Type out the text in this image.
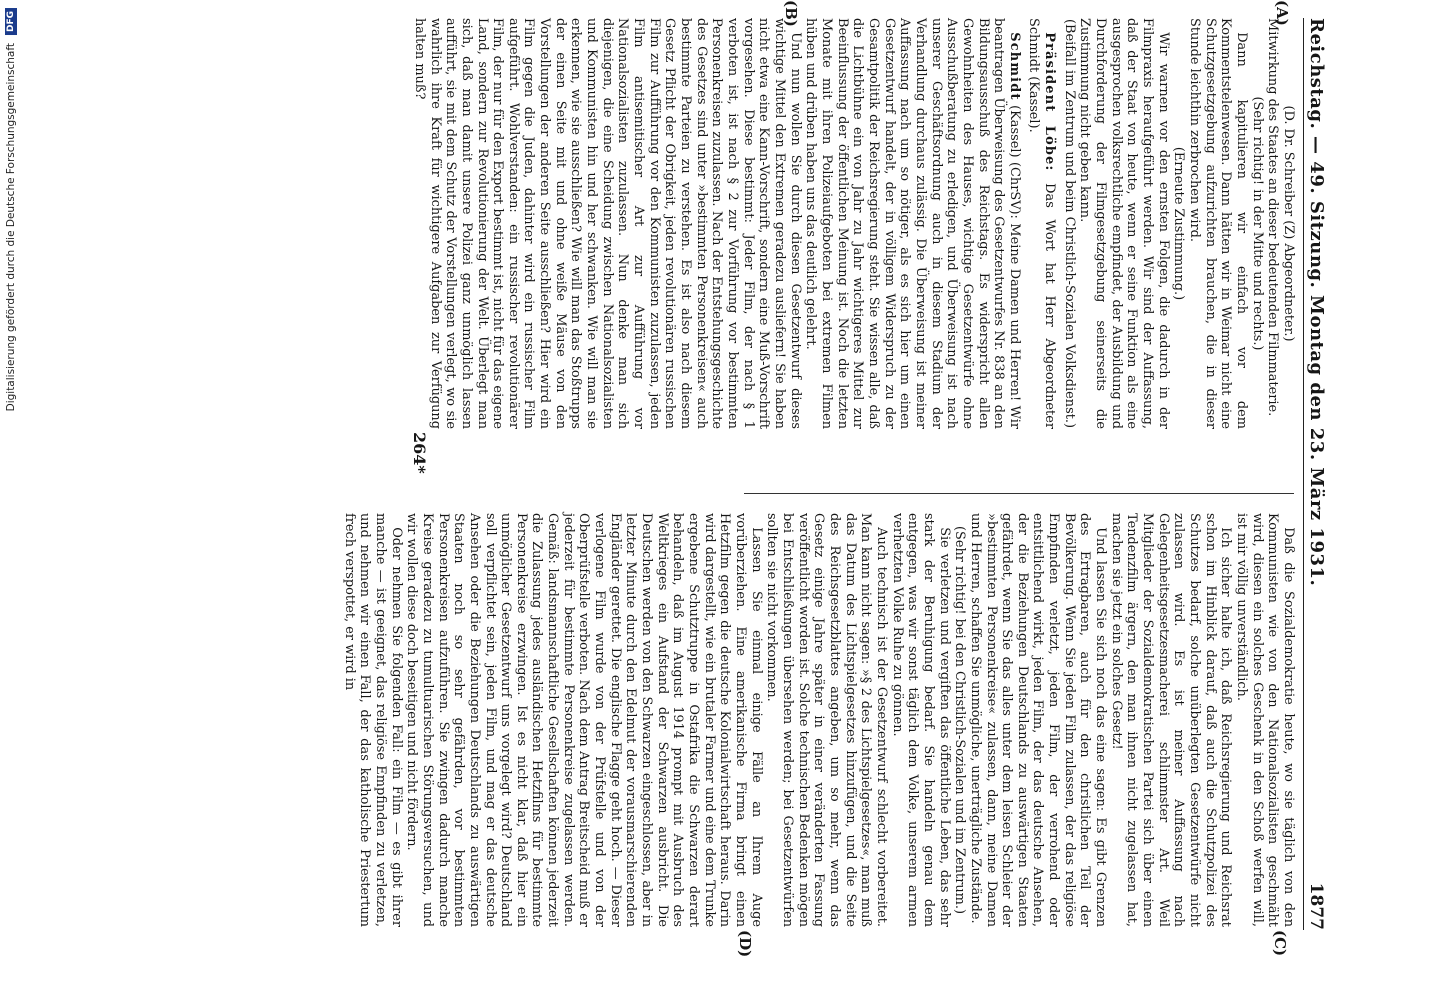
Reichstag. — 49. Sitzung. Montag den 23. März 1931.
1877
(A)
(B)
(C)
(D)

(D. Dr. Schreiber (Z) Abgeordneter.)

Mitwirkung des Staates an dieser bedeutenden Filmmaterie.

(Sehr richtig! in der Mitte und rechts.)

Dann kapitulieren wir einfach vor dem Kommentstelenwesen. Dann hätten wir in Weimar nicht eine Schutzgesetzgebung aufzurichten brauchen, die in dieser Stunde leichthin zerbrochen wird.

(Erneute Zustimmung.)

Wir warnen vor den ernsten Folgen, die dadurch in der Filmpraxis heraufgeführt werden. Wir sind der Auffassung, daß der Staat von heute, wenn er seine Funktion als eine ausgesprochen volksrechtliche empfindet, der Ausbildung und Durchforderung der Filmgesetzgebung seinerseits die Zustimmung nicht geben kann.

(Beifall im Zentrum und beim Christlich-Sozialen Volksdienst.)

Präsident Löbe: Das Wort hat Herr Abgeordneter Schmidt (Kassel).

Schmidt (Kassel) (ChrSV): Meine Damen und Herren! Wir beantragen Überweisung des Gesetzentwurfes Nr. 838 an den Bildungsausschuß des Reichstags. Es widerspricht allen Gewohnheiten des Hauses, wichtige Gesetzentwürfe ohne Ausschußberatung zu erledigen, und Überweisung ist nach unserer Geschäftsordnung auch in diesem Stadium der Verhandlung durchaus zulässig. Die Überweisung ist meiner Auffassung nach um so nötiger, als es sich hier um einen Gesetzentwurf handelt, der in völligem Widerspruch zu der Gesamtpolitik der Reichsregierung steht. Sie wissen alle, daß die Lichtbühne ein von Jahr zu Jahr wichtigeres Mittel zur Beeinflussung der öffentlichen Meinung ist. Noch die letzten Monate mit ihren Polizeiaufgeboten bei extremen Filmen hüben und drüben haben uns das deutlich gelehrt.

Und nun wollen Sie durch diesen Gesetzentwurf dieses wichtige Mittel den Extremen geradezu ausliefern! Sie haben nicht etwa eine Kann-Vorschrift, sondern eine Muß-Vorschrift vorgesehen. Diese bestimmt: Jeder Film, der nach § 1 verboten ist, ist nach § 2 zur Vorführung vor bestimmten Personenkreisen zuzulassen. Nach der Entstehungsgeschichte des Gesetzes sind unter »bestimmten Personenkreisen« auch bestimmte Parteien zu verstehen. Es ist also nach diesem Gesetz Pflicht der Obrigkeit, jeden revolutionären russischen Film zur Aufführung vor den Kommunisten zuzulassen, jeden Film antisemitischer Art zur Aufführung vor Nationalsozialisten zuzulassen. Nun denke man sich diejenigen, die eine Scheidung zwischen Nationalsozialisten und Kommunisten hin und her schwanken. Wie will man sie erkennen, wie sie ausschließen? Wie will man das Stoßtrupps der einen Seite mit und ohne weiße Mäuse von den Vorstellungen der anderen Seite ausschließen? Hier wird ein Film gegen die Juden, dahinter wird ein russischer Film aufgeführt. Wohlverstanden: ein russischer revolutionärer Film, der nur für den Export bestimmt ist, nicht für das eigene Land, sondern zur Revolutionierung der Welt. Überlegt man sich, daß man damit unsere Polizei ganz unmöglich lassen aufführt, sie mit dem Schutz der Vorstellungen verlegt, wo sie wahrlich ihre Kraft für wichtigere Aufgaben zur Verfügung halten muß?

Daß die Sozialdemokratie heute, wo sie täglich von den Kommunisten wie von den Nationalsozialisten geschmäht wird, diesen ein solches Geschenk in den Schoß werfen will, ist mir völlig unverständlich.

Ich sicher halte ich, daß Reichsregierung und Reichsrat schon im Hinblick darauf, daß auch die Schutzpolizei des Schutzes bedarf, solche unüberlegten Gesetzentwürfe nicht zulassen wird. Es ist meiner Auffassung nach Gelegenheitsgesetzesmacherei schlimmster Art. Weil Mitglieder der Sozialdemokratischen Partei sich über einen Tendenzfilm ärgern, den man ihnen nicht zugelassen hat, machen sie jetzt ein solches Gesetz!

Und lassen Sie sich noch das eine sagen: Es gibt Grenzen des Ertragbaren, auch für den christlichen Teil der Bevölkerung. Wenn Sie jeden Film zulassen, der das religiöse Empfinden verletzt, jeden Film, der verrohend oder entsittlichend wirkt, jeden Film, der das deutsche Ansehen, der die Beziehungen Deutschlands zu auswärtigen Staaten gefährdet, wenn Sie das alles unter dem leisen Schleier der »bestimmten Personenkreise« zulassen, dann, meine Damen und Herren, schaffen Sie unmögliche, unerträgliche Zustände.

(Sehr richtig! bei den Christlich-Sozialen und im Zentrum.)

Sie verletzen und vergiften das öffentliche Leben, das sehr stark der Beruhigung bedarf. Sie handeln genau dem entgegen, was wir sonst täglich dem Volke, unserem armen verhetzten Volke Ruhe zu gönnen.

Auch technisch ist der Gesetzentwurf schlecht vorbereitet. Man kann nicht sagen: »§ 2 des Lichtspielgesetzes«, man muß das Datum des Lichtspielgesetzes hinzufügen, und die Seite des Reichsgesetzblattes angeben, um so mehr, wenn das Gesetz einige Jahre später in einer veränderten Fassung veröffentlicht worden ist. Solche technischen Bedenken mögen bei Entschließungen übersehen werden; bei Gesetzentwürfen sollten sie nicht vorkommen.

Lassen Sie einmal einige Fälle an Ihrem Auge vorüberziehen. Eine amerikanische Firma bringt einen Hetzfilm gegen die deutsche Kolonialwirtschaft heraus. Darin wird dargestellt, wie ein brutaler Farmer und eine dem Trunke ergebene Schutztruppe in Ostafrika die Schwarzen derart behandeln, daß im August 1914 prompt mit Ausbruch des Weltkrieges ein Aufstand der Schwarzen ausbricht. Die Deutschen werden von den Schwarzen eingeschlossen, aber in letzter Minute durch den Edelmut der vorausmarschierenden Engländer gerettet. Die englische Flagge geht hoch. — Dieser verlogene Film wurde von der Prüfstelle und von der Oberprüfstelle verboten. Nach dem Antrag Breitscheid muß er jederzeit für bestimmte Personenkreise zugelassen werden. Gemäß: landsmannschaftliche Gesellschaften können jederzeit die Zulassung jedes ausländischen Hetzfilms für bestimmte Personenkreise erzwingen. Ist es nicht klar, daß hier ein unmöglicher Gesetzentwurf uns vorgelegt wird? Deutschland soll verpflichtet sein, jeden Film, und mag er das deutsche Ansehen oder die Beziehungen Deutschlands zu auswärtigen Staaten noch so sehr gefährden, vor bestimmten Personenkreisen aufzuführen. Sie zwingen dadurch manche Kreise geradezu zu tumultuarischen Störungsversuchen, und wir wollen diese doch beseitigen und nicht fördern.

Oder nehmen Sie folgenden Fall: ein Film — es gibt ihrer manche — ist geeignet, das religiöse Empfinden zu verletzen, und nehmen wir einen Fall, der das katholische Priestertum frech verspottet, er wird in

264*
DFG
Digitalisierung gefördert durch die Deutsche Forschungsgemeinschaft
